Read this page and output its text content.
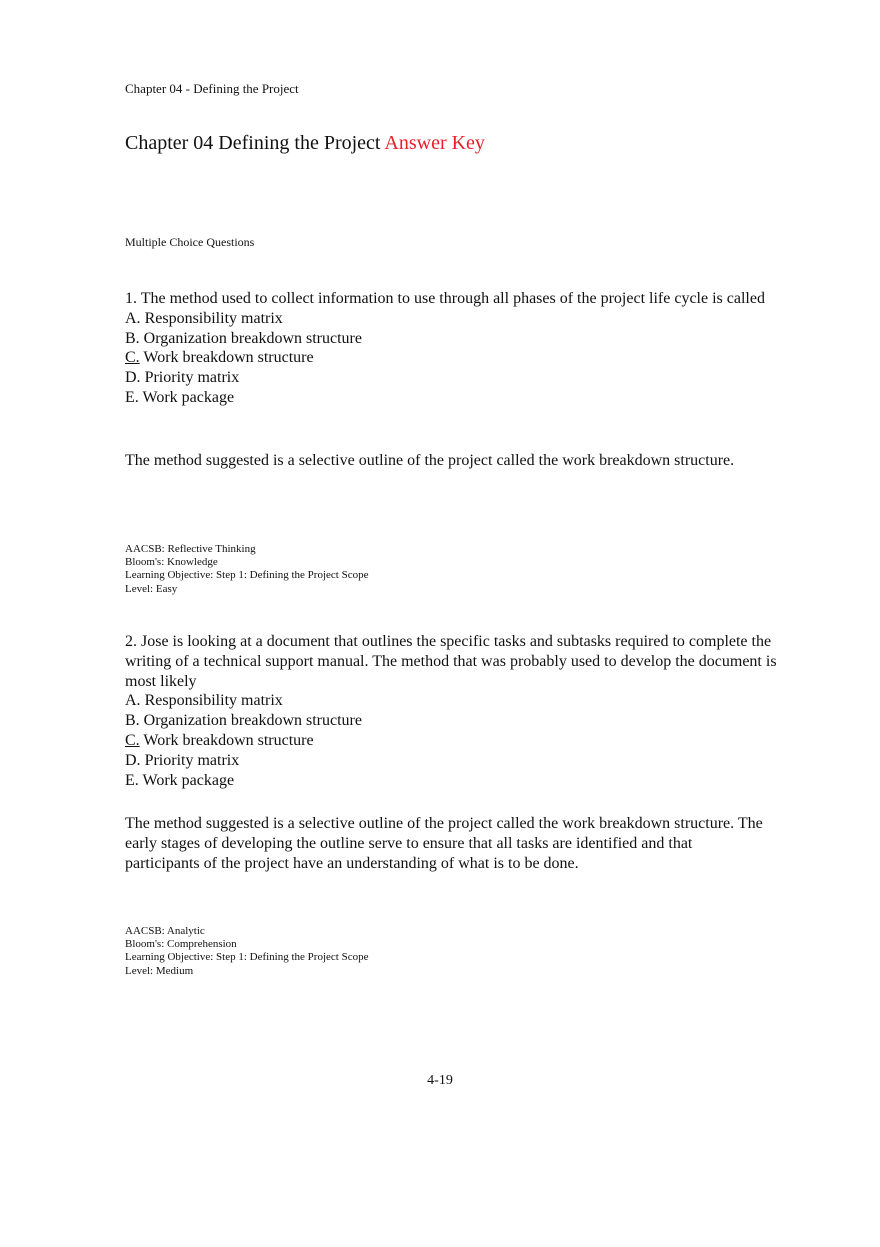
Chapter 04 - Defining the Project
Chapter 04 Defining the Project Answer Key
Multiple Choice Questions
1. The method used to collect information to use through all phases of the project life cycle is called
A. Responsibility matrix
B. Organization breakdown structure
C. Work breakdown structure
D. Priority matrix
E. Work package
The method suggested is a selective outline of the project called the work breakdown structure.
AACSB: Reflective Thinking
Bloom's: Knowledge
Learning Objective: Step 1: Defining the Project Scope
Level: Easy
2. Jose is looking at a document that outlines the specific tasks and subtasks required to complete the writing of a technical support manual. The method that was probably used to develop the document is most likely
A. Responsibility matrix
B. Organization breakdown structure
C. Work breakdown structure
D. Priority matrix
E. Work package
The method suggested is a selective outline of the project called the work breakdown structure. The early stages of developing the outline serve to ensure that all tasks are identified and that participants of the project have an understanding of what is to be done.
AACSB: Analytic
Bloom's: Comprehension
Learning Objective: Step 1: Defining the Project Scope
Level: Medium
4-19
